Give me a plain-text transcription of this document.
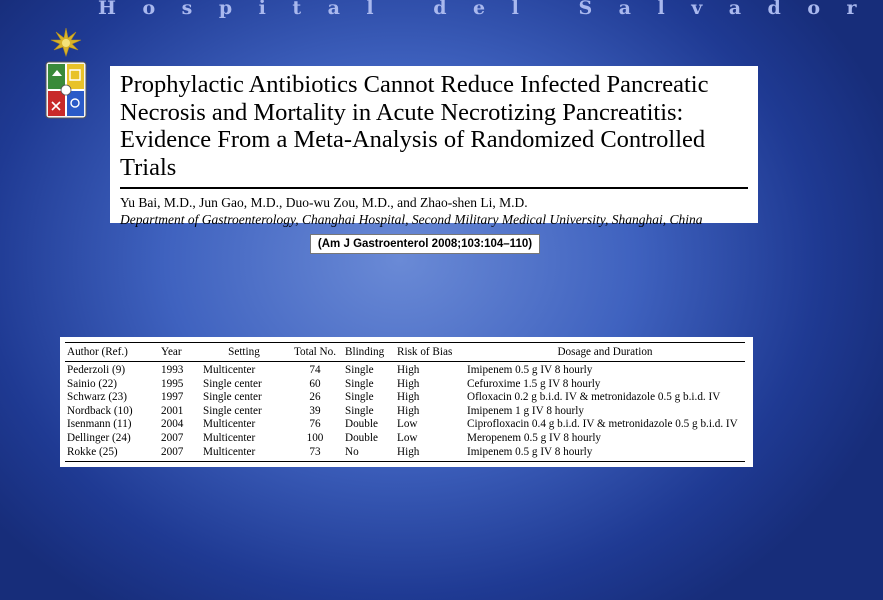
Hospital del Salvador
Prophylactic Antibiotics Cannot Reduce Infected Pancreatic Necrosis and Mortality in Acute Necrotizing Pancreatitis: Evidence From a Meta-Analysis of Randomized Controlled Trials

Yu Bai, M.D., Jun Gao, M.D., Duo-wu Zou, M.D., and Zhao-shen Li, M.D.

Department of Gastroenterology, Changhai Hospital, Second Military Medical University, Shanghai, China

(Am J Gastroenterol 2008;103:104–110)
Author (Ref.)	Year	Setting	Total No.	Blinding	Risk of Bias	Dosage and Duration
Pederzoli (9)	1993	Multicenter	74	Single	High	Imipenem 0.5 g IV 8 hourly
Sainio (22)	1995	Single center	60	Single	High	Cefuroxime 1.5 g IV 8 hourly
Schwarz (23)	1997	Single center	26	Single	High	Ofloxacin 0.2 g b.i.d. IV & metronidazole 0.5 g b.i.d. IV
Nordback (10)	2001	Single center	39	Single	High	Imipenem 1 g IV 8 hourly
Isenmann (11)	2004	Multicenter	76	Double	Low	Ciprofloxacin 0.4 g b.i.d. IV & metronidazole 0.5 g b.i.d. IV
Dellinger (24)	2007	Multicenter	100	Double	Low	Meropenem 0.5 g IV 8 hourly
Rokke (25)	2007	Multicenter	73	No	High	Imipenem 0.5 g IV 8 hourly
